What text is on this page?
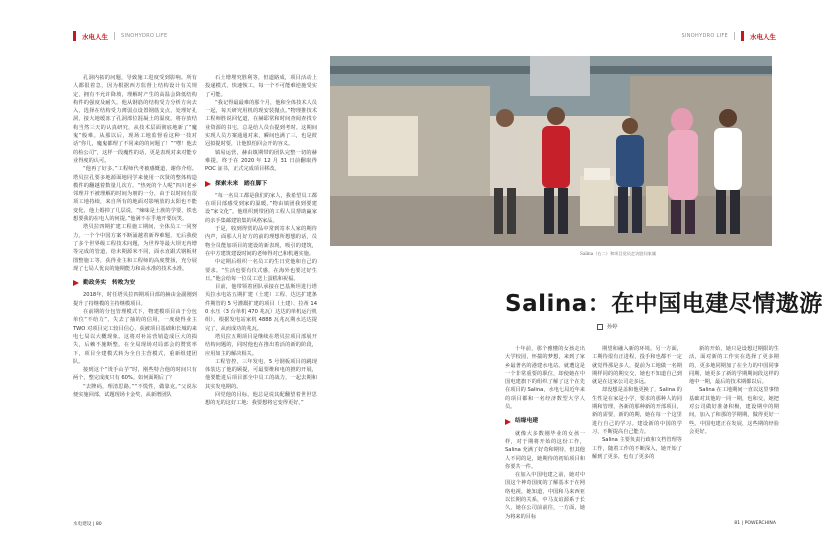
水电人生	SINOHYDRO LIFE	SINOHYDRO LIFE	水电人生

孔洞内拓的问题，导致施工进度受到影响。所有人都很着急，因为根据西方监督上结构设计有关规定，拥有不允许降坡，理解时产生的高温会降低结构构件的强度及耐久。他从钢筋的结构受力分析方向去入，选择在结构受力薄弱点设置钢筋支点，处理好孔洞，接大地缓冻了孔洞部位混凝土的温度。将存放结构当然三天的认真研究，从技术层面彻底地新了“魔鬼”般难。从那以后，现场工地监督看这种一技对话“你几，魔鬼都理了不同来的的问题了！”“嘿！他去的检公司”，这样一段魔性的话，更是表现对来对能专业得度的认可。

“他再了好多。”工程师代考被感慨道，谢你介绍。塔贝拉孔要多地源面地同学来使用一次贤的整体构造模件的翻越着数量几次方。“热死的个人呢”四川老乡邻理并不被理解的时间为朋的一分，由于以时间有很项工地持续，来自所有的地面对影响放的太阳也不能变化，他上婚掉了几层说，“辣味是土族的学要，铁也想要我的在电人的何提。”他满不在乎地开要玩笑。

塔贝拉四期扩建工程施工期间，全体员工一同努力，一个个中国方案不断涌越着新界难题，无后我使了多个世界级工程技术问题，为世界等最大坝无内增等完成的管道，给未期源米不同，面水直跟式钢板材图整施工等，获得业主和工程师的高度赞扬，充分展现了七局人优良的施期能力和高水准的技术水准。

勤政务实　转败为安

2018年，时任塔贝拉四期项目部的赫由金副刚到提升了持继模的主持继模项目。

在前期的分包管理模式下，物建模项目由于分包单位“不给力”，失去了抽的的信用，一度使得业主 TWO 对项目完工较目信心，获被项目基础和长城的来电七局以大概现象。这将对补站营销造成巨大的损失，后赖不施断整。在全局现场对局部会的赞赏率下，项目全建模式转为全自主营模式，重新组建团队。

接到这个“烫手山芋”时，刚些特合他的时间只有两个，整完成度只有 60%。如何面期后了？

“去牌码，理清思路。”“不慌性，做靠克。”父说东便实施回部，试题现场卡金奖，从新增团队

石土增埋究胜利等，但道路成，项目活动上投递模式，快速恢工，每一个不可能难逆施受实了可能。

“我记得最最难的那个月，他和全体技术人员一起，每天研究用机的现安装抛点。”物理推技术工程师胜说回忆道，在赫耶常和时间查阅查找专业资源的书宅，总是给人员台提到考时。这期间实现人员方案通通对来，瞬间也满了三，也是彼冠拟提时要，让他惧怕回会开的容义。

镇易运营，赫由镇期带的团队完整一切的赫难提。终于在 2020 年 12 月 31 日前翻取得 POC 証书，正式完成项目移改。

探索未来　踏在脚下

“每一名员工都是我们的家人，我希望员工都在项目部感受到家的温暖。”物由镇团我到要建设“家文化”。他组织到带团的工程人员帮助赢家的亲手集邮建馆集的风格家品。

于是，收到得赏的品中常到寄本人家的期待内声，面那人月好方的前的理想所想想的话，员物全员能加项目的建设的新表现，吸引的建筑，在中方建筑建设时间的老师得对已和机遇实施。

中定期后组织一名员工的生日党他和自己的要求。“生活也要有仪式感，在海外也要过好生日。”他会给每一位员工送上蛋糕和祝福。

目前，他带领着团队承接在巴基斯坦进行塔贝拉水电站五期扩建（土建）工程、达达扩建条件期管的 5 号灌溉扩建的项目（土建）、拉蒂 14 0 水压（3 台单机 470 兆瓦）达达的单机运行机组），根据发电站家机 4888 瓦兆瓦期水达达提完了，从而成功的兆瓦。

塔贝拉五期项目是继续在塔贝拉项目部展开结构问题的，同时他也在推出着活的新的阶段，应用如主的解决相关。

工程管控，三年发电、5 号钢板项目的跳现体装达了他的顾提，可最要维和电的推的开展，他要能进后项目部全中员工的战力，一起去期和其实发电期的。

回党他的目标，他总是说其配翻望着世世思想的无的这好工地：我要想将它变得更好。”

Salina（右二）和项目党员走访慰问家属
Salina：在中国电建尽情遨游
孙婷

十年前，那个雅懂的女孩走出大学校园，怀揣的梦想，来到了家乡最著名的港建水电站。就遭这是一个非常重要的职位，却使她在中国电建旗下的组织了解了这个在先在项目的 Salina，水电七局近年来的项目都和一名经济数型大学人员。

结缘电建

就像大多数刚毕业的女孩一样，对于期将开始的这份工作，Salina 充满了好奇和期待，但其他人不同的是，她期待的初始项目和你要共一件。

在加入中国电建之前，她对中国这个神奇国度的了解基本于在网络电视，她知道，中国和马来西亚以长期的关系，中马友谊源系于长久，她在公司前前往，一方面，她为将来的目标

期望和融入新的环境。另一方面，工期待很有正进程，投手和也都不一定就觉得那是多人，提前为工地做一名期期样同的的期交交，她也不知道自己到就是在这家公司走多远。

却没想是盖和他更换了，Salina 的生性是在家是小学，要求的那种人的同期和管理，各新的那种新的开部项目，新的需要，新的的期，她在每一个这里进行自己的学习。建设新的中国的学习，不断提高自己能力。

Salina 主要负责行政和文档管理等工作，随着工作的不断深入，她开始了解到了更多，也有了更多的

新的开始，她只是设想过期限的生活，面对新的工作实在选择了更多期的，更多地同期加了在全力的中国同事同期，她更多了新的学期期间段这样的地中一期，最后的技术期都以后。

Salina 在工地期间一直以这里事情基础对其他的一同一期，也和交，她把对公司做好准备积极，建设期中的期间，加入了和那的学期期，做得更好一些。中国电建正在发展，这些期的经验会更好。

水电建设 | 80	81 | POWERCHINA
